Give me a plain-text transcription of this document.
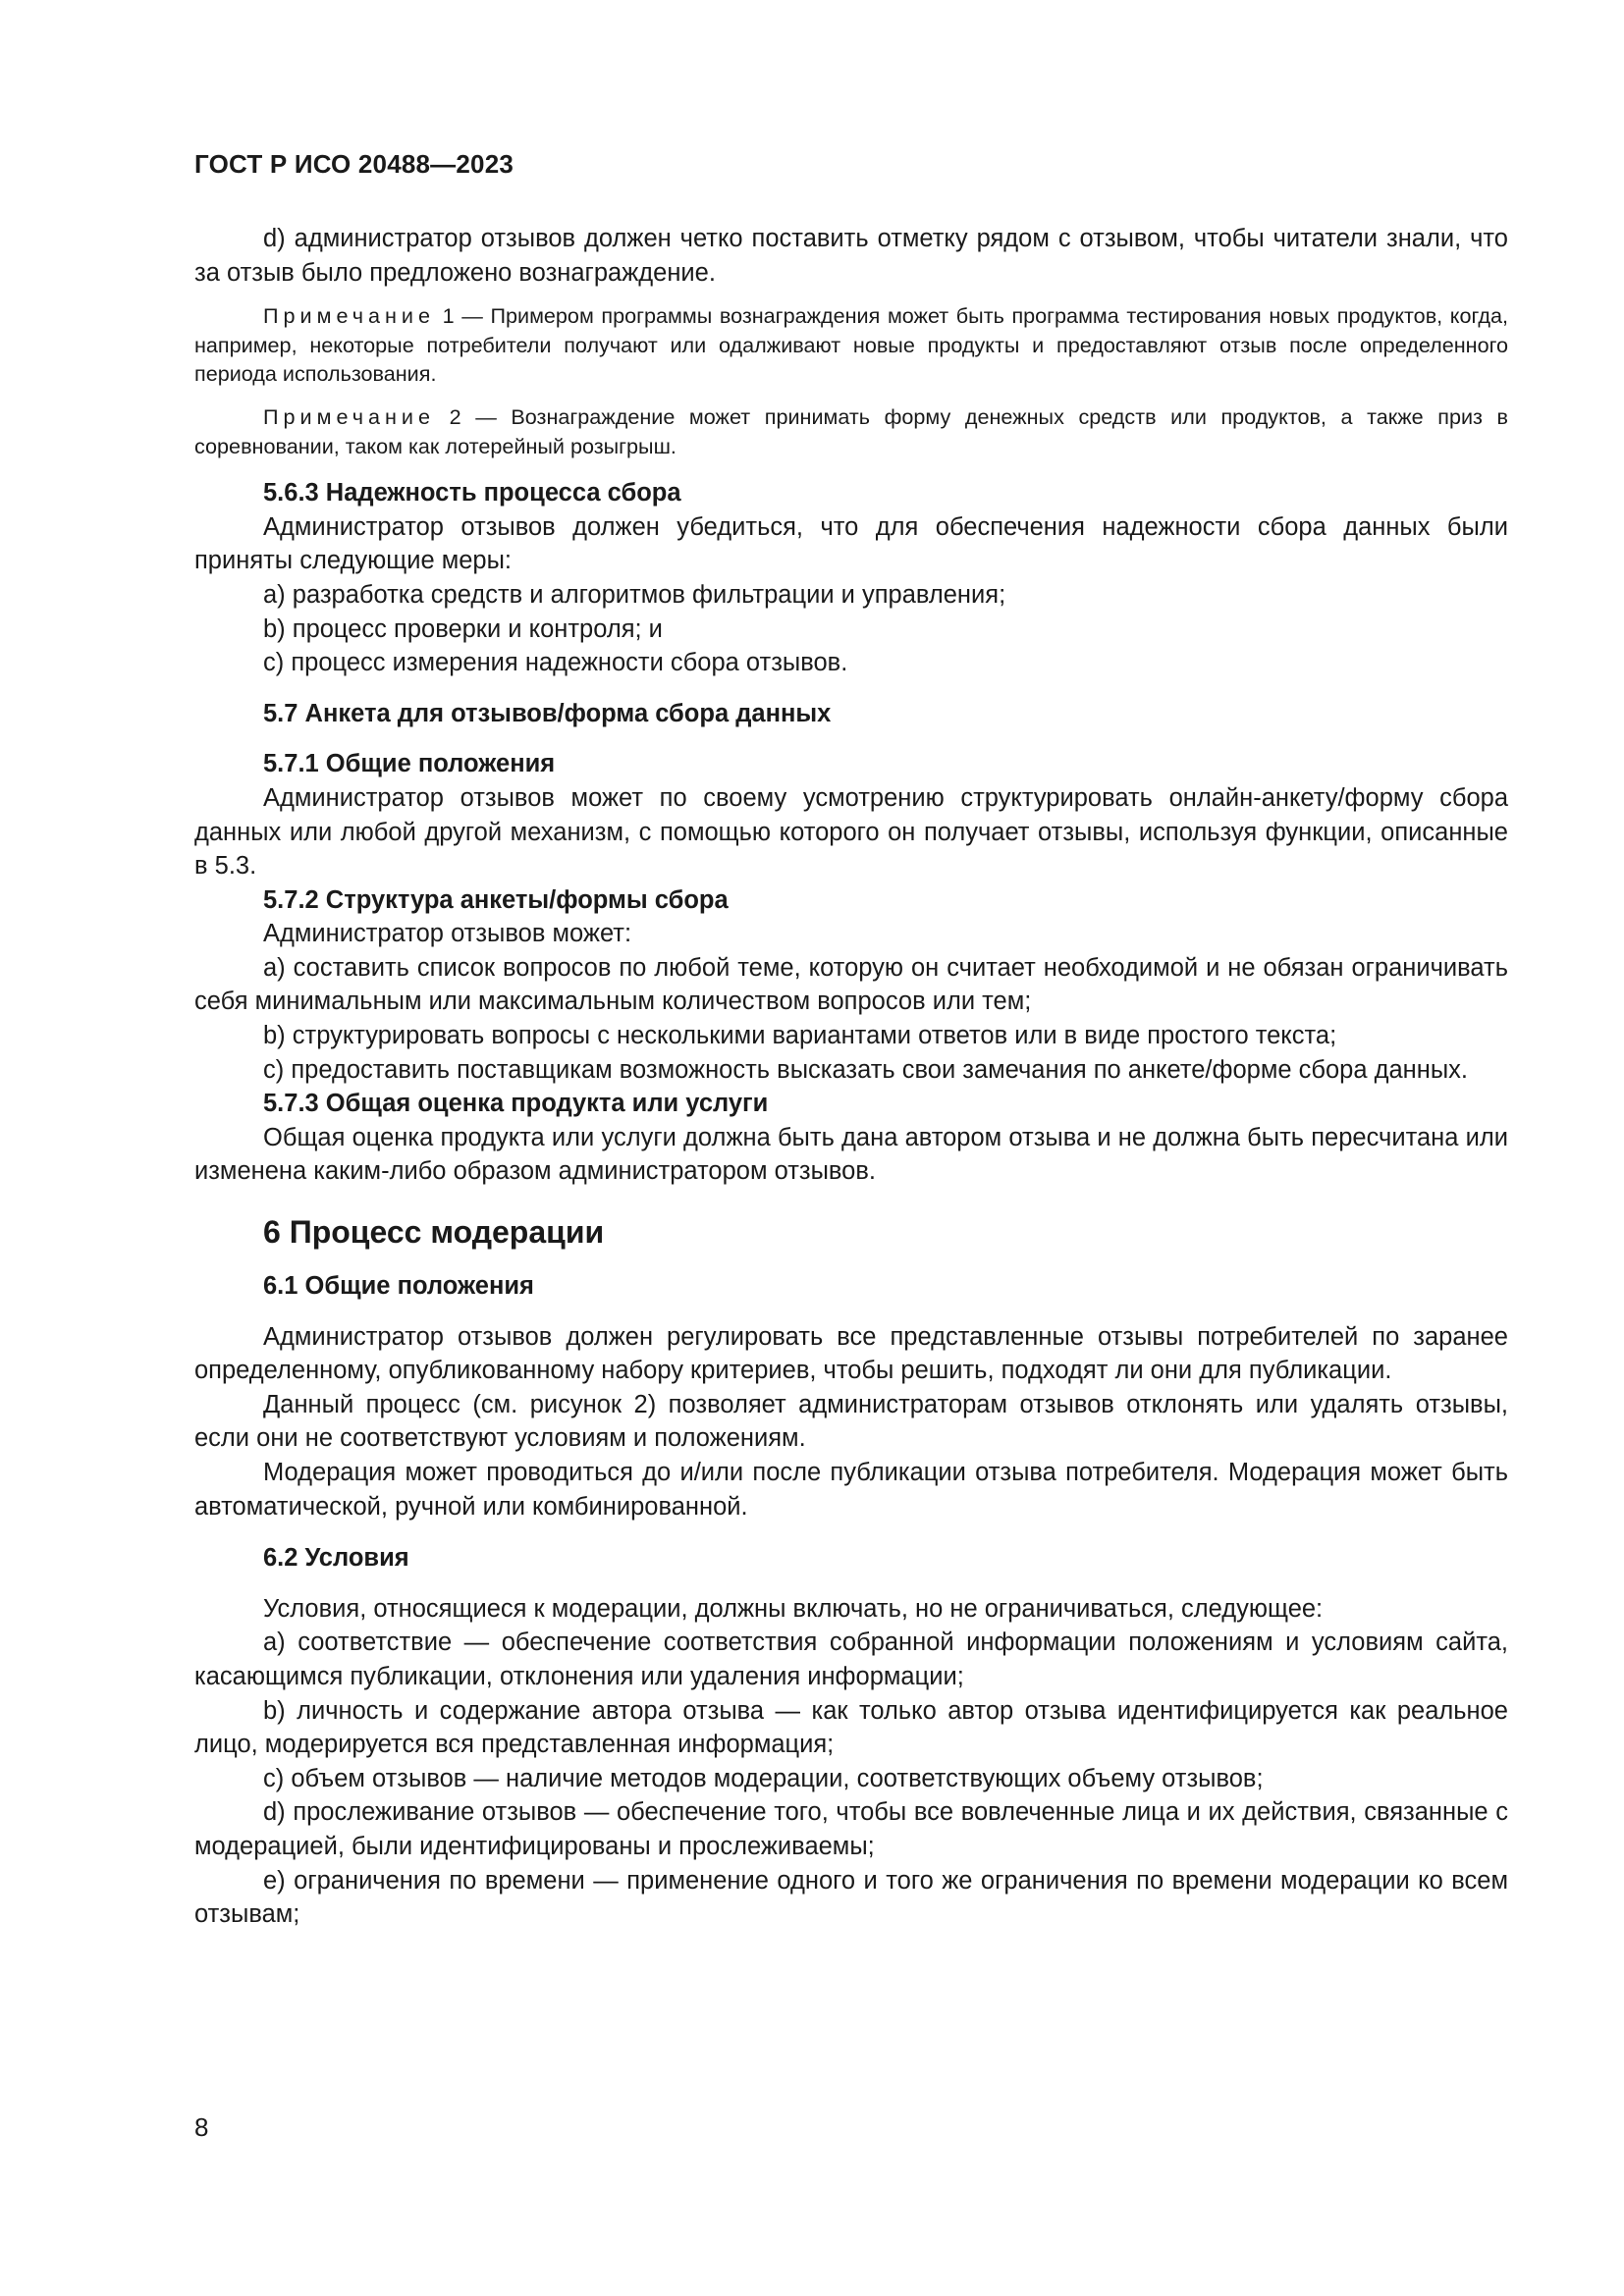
ГОСТ Р ИСО 20488—2023

d) администратор отзывов должен четко поставить отметку рядом с отзывом, чтобы читатели знали, что за отзыв было предложено вознаграждение.

Примечание 1 — Примером программы вознаграждения может быть программа тестирования новых продуктов, когда, например, некоторые потребители получают или одалживают новые продукты и предоставляют отзыв после определенного периода использования.

Примечание 2 — Вознаграждение может принимать форму денежных средств или продуктов, а также приз в соревновании, таком как лотерейный розыгрыш.

5.6.3 Надежность процесса сбора

Администратор отзывов должен убедиться, что для обеспечения надежности сбора данных были приняты следующие меры:

a) разработка средств и алгоритмов фильтрации и управления;

b) процесс проверки и контроля; и

c) процесс измерения надежности сбора отзывов.

5.7 Анкета для отзывов/форма сбора данных

5.7.1 Общие положения

Администратор отзывов может по своему усмотрению структурировать онлайн-анкету/форму сбора данных или любой другой механизм, с помощью которого он получает отзывы, используя функции, описанные в 5.3.

5.7.2 Структура анкеты/формы сбора

Администратор отзывов может:

a) составить список вопросов по любой теме, которую он считает необходимой и не обязан ограничивать себя минимальным или максимальным количеством вопросов или тем;

b) структурировать вопросы с несколькими вариантами ответов или в виде простого текста;

c) предоставить поставщикам возможность высказать свои замечания по анкете/форме сбора данных.

5.7.3 Общая оценка продукта или услуги

Общая оценка продукта или услуги должна быть дана автором отзыва и не должна быть пересчитана или изменена каким-либо образом администратором отзывов.

6 Процесс модерации

6.1 Общие положения

Администратор отзывов должен регулировать все представленные отзывы потребителей по заранее определенному, опубликованному набору критериев, чтобы решить, подходят ли они для публикации.

Данный процесс (см. рисунок 2) позволяет администраторам отзывов отклонять или удалять отзывы, если они не соответствуют условиям и положениям.

Модерация может проводиться до и/или после публикации отзыва потребителя. Модерация может быть автоматической, ручной или комбинированной.

6.2 Условия

Условия, относящиеся к модерации, должны включать, но не ограничиваться, следующее:

a) соответствие — обеспечение соответствия собранной информации положениям и условиям сайта, касающимся публикации, отклонения или удаления информации;

b) личность и содержание автора отзыва — как только автор отзыва идентифицируется как реальное лицо, модерируется вся представленная информация;

c) объем отзывов — наличие методов модерации, соответствующих объему отзывов;

d) прослеживание отзывов — обеспечение того, чтобы все вовлеченные лица и их действия, связанные с модерацией, были идентифицированы и прослеживаемы;

e) ограничения по времени — применение одного и того же ограничения по времени модерации ко всем отзывам;

8
